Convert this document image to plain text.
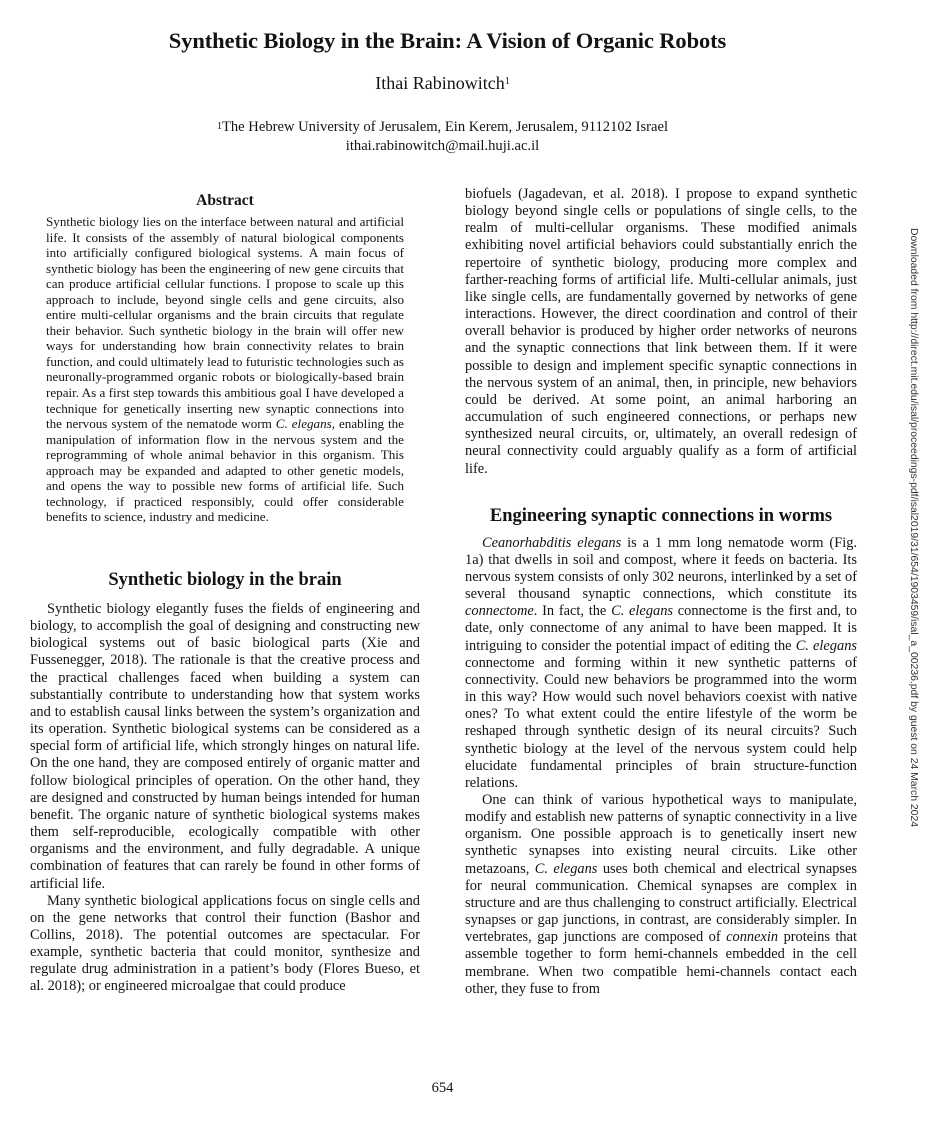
Synthetic Biology in the Brain: A Vision of Organic Robots
Ithai Rabinowitch$^1$
$^1$The Hebrew University of Jerusalem, Ein Kerem, Jerusalem, 9112102 Israel
ithai.rabinowitch@mail.huji.ac.il
Abstract

Synthetic biology lies on the interface between natural and artificial life. It consists of the assembly of natural biological components into artificially configured biological systems. A main focus of synthetic biology has been the engineering of new gene circuits that can produce artificial cellular functions. I propose to scale up this approach to include, beyond single cells and gene circuits, also entire multi-cellular organisms and the brain circuits that regulate their behavior. Such synthetic biology in the brain will offer new ways for understanding how brain connectivity relates to brain function, and could ultimately lead to futuristic technologies such as neuronally-programmed organic robots or biologically-based brain repair. As a first step towards this ambitious goal I have developed a technique for genetically inserting new synaptic connections into the nervous system of the nematode worm C. elegans, enabling the manipulation of information flow in the nervous system and the reprogramming of whole animal behavior in this organism. This approach may be expanded and adapted to other genetic models, and opens the way to possible new forms of artificial life. Such technology, if practiced responsibly, could offer considerable benefits to science, industry and medicine.

Synthetic biology in the brain

Synthetic biology elegantly fuses the fields of engineering and biology, to accomplish the goal of designing and constructing new biological systems out of basic biological parts (Xie and Fussenegger, 2018). The rationale is that the creative process and the practical challenges faced when building a system can substantially contribute to understanding how that system works and to establish causal links between the system’s organization and its operation. Synthetic biological systems can be considered as a special form of artificial life, which strongly hinges on natural life. On the one hand, they are composed entirely of organic matter and follow biological principles of operation. On the other hand, they are designed and constructed by human beings intended for human benefit. The organic nature of synthetic biological systems makes them self-reproducible, ecologically compatible with other organisms and the environment, and fully degradable. A unique combination of features that can rarely be found in other forms of artificial life.

Many synthetic biological applications focus on single cells and on the gene networks that control their function (Bashor and Collins, 2018). The potential outcomes are spectacular. For example, synthetic bacteria that could monitor, synthesize and regulate drug administration in a patient’s body (Flores Bueso, et al. 2018); or engineered microalgae that could produce

biofuels (Jagadevan, et al. 2018). I propose to expand synthetic biology beyond single cells or populations of single cells, to the realm of multi-cellular organisms. These modified animals exhibiting novel artificial behaviors could substantially enrich the repertoire of synthetic biology, producing more complex and farther-reaching forms of artificial life. Multi-cellular animals, just like single cells, are fundamentally governed by networks of gene interactions. However, the direct coordination and control of their overall behavior is produced by higher order networks of neurons and the synaptic connections that link between them. If it were possible to design and implement specific synaptic connections in the nervous system of an animal, then, in principle, new behaviors could be derived. At some point, an animal harboring an accumulation of such engineered connections, or perhaps new synthesized neural circuits, or, ultimately, an overall redesign of neural connectivity could arguably qualify as a form of artificial life.

Engineering synaptic connections in worms

Ceanorhabditis elegans is a 1 mm long nematode worm (Fig. 1a) that dwells in soil and compost, where it feeds on bacteria. Its nervous system consists of only 302 neurons, interlinked by a set of several thousand synaptic connections, which constitute its connectome. In fact, the C. elegans connectome is the first and, to date, only connectome of any animal to have been mapped. It is intriguing to consider the potential impact of editing the C. elegans connectome and forming within it new synthetic patterns of connectivity. Could new behaviors be programmed into the worm in this way? How would such novel behaviors coexist with native ones? To what extent could the entire lifestyle of the worm be reshaped through synthetic design of its neural circuits? Such synthetic biology at the level of the nervous system could help elucidate fundamental principles of brain structure-function relations.

One can think of various hypothetical ways to manipulate, modify and establish new patterns of synaptic connectivity in a live organism. One possible approach is to genetically insert new synthetic synapses into existing neural circuits. Like other metazoans, C. elegans uses both chemical and electrical synapses for neural communication. Chemical synapses are complex in structure and are thus challenging to construct artificially. Electrical synapses or gap junctions, in contrast, are considerably simpler. In vertebrates, gap junctions are composed of connexin proteins that assemble together to form hemi-channels embedded in the cell membrane. When two compatible hemi-channels contact each other, they fuse to from

654
Downloaded from http://direct.mit.edu/isal/proceedings-pdf/isal2019/31/654/1903459/isal_a_00236.pdf by guest on 24 March 2024
